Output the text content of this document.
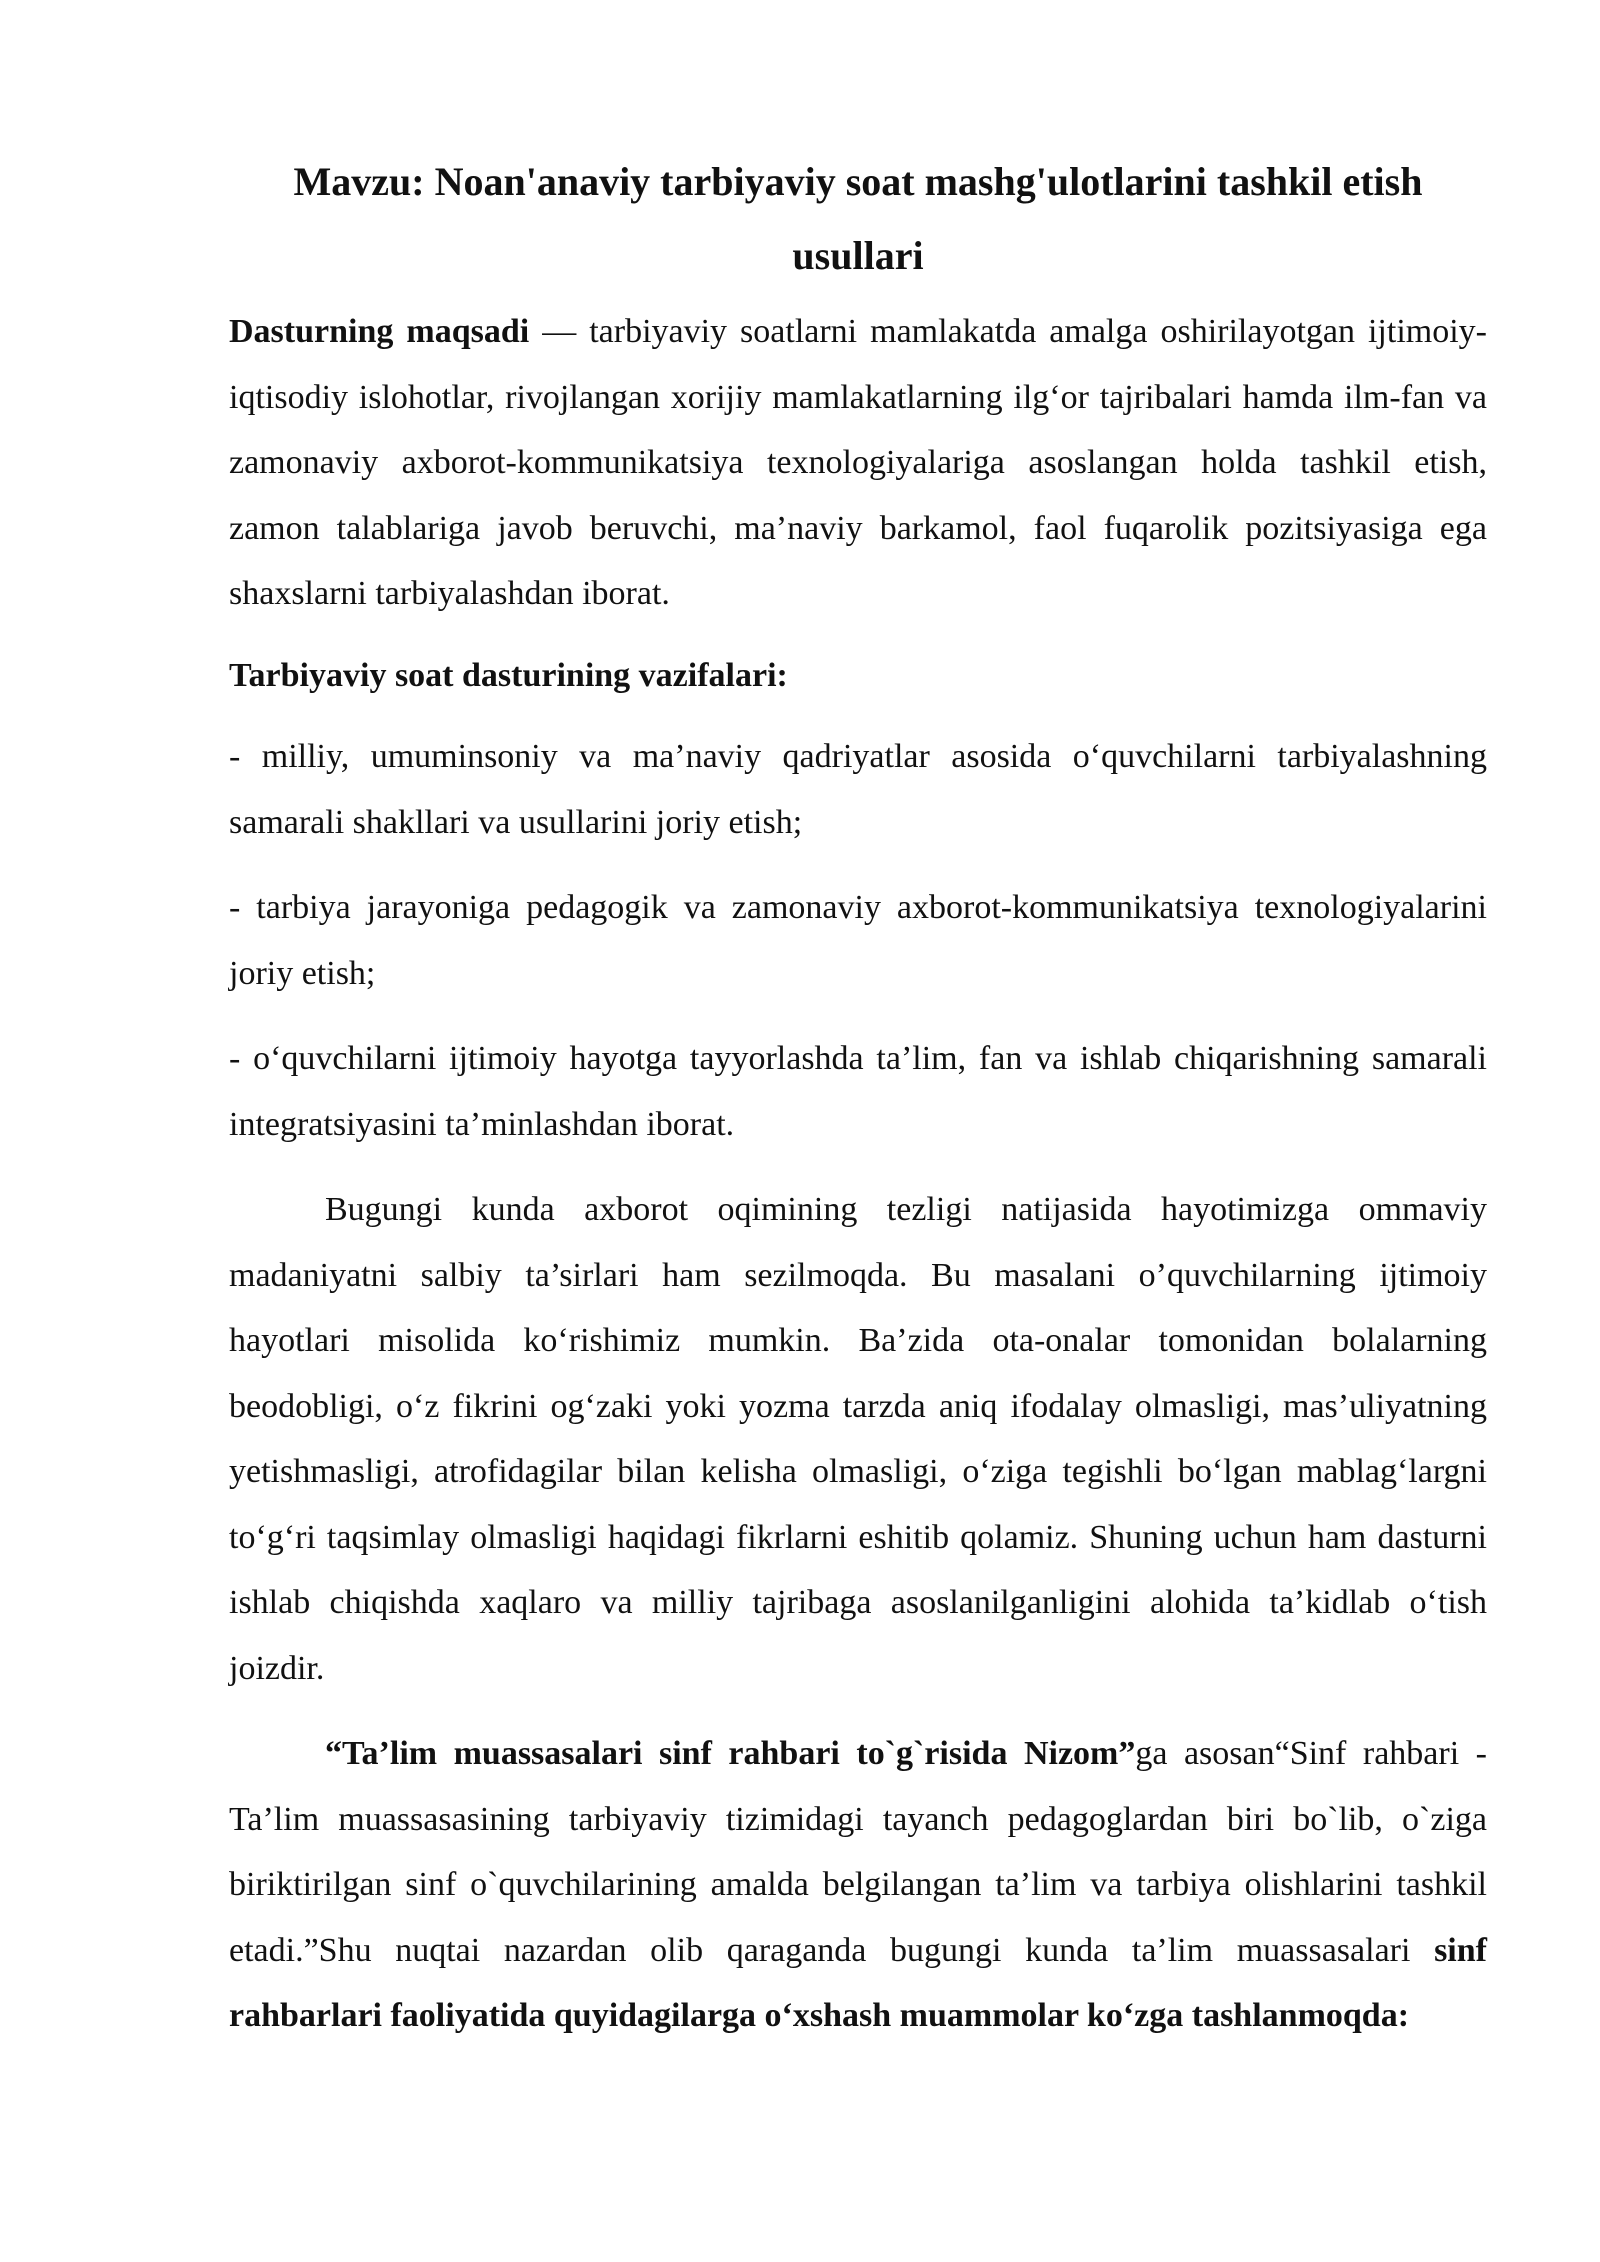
Mavzu: Noan'anaviy tarbiyaviy soat mashg'ulotlarini tashkil etish
usullari

Dasturning maqsadi — tarbiyaviy soatlarni mamlakatda amalga oshirilayotgan ijtimoiy-iqtisodiy islohotlar, rivojlangan xorijiy mamlakatlarning ilg‘or tajribalari hamda ilm-fan va zamonaviy axborot-kommunikatsiya texnologiyalariga asoslangan holda tashkil etish, zamon talablariga javob beruvchi, ma’naviy barkamol, faol fuqarolik pozitsiyasiga ega shaxslarni tarbiyalashdan iborat.

Tarbiyaviy soat dasturining vazifalari:

- milliy, umuminsoniy va ma’naviy qadriyatlar asosida o‘quvchilarni tarbiyalashning samarali shakllari va usullarini joriy etish;

- tarbiya jarayoniga pedagogik va zamonaviy axborot-kommunikatsiya texnologiyalarini joriy etish;

- o‘quvchilarni ijtimoiy hayotga tayyorlashda ta’lim, fan va ishlab chiqarishning samarali integratsiyasini ta’minlashdan iborat.

Bugungi kunda axborot oqimining tezligi natijasida hayotimizga ommaviy madaniyatni salbiy ta’sirlari ham sezilmoqda. Bu masalani o’quvchilarning ijtimoiy hayotlari misolida ko‘rishimiz mumkin. Ba’zida ota-onalar tomonidan bolalarning beodobligi, o‘z fikrini og‘zaki yoki yozma tarzda aniq ifodalay olmasligi, mas’uliyatning yetishmasligi, atrofidagilar bilan kelisha olmasligi, o‘ziga tegishli bo‘lgan mablag‘largni to‘g‘ri taqsimlay olmasligi haqidagi fikrlarni eshitib qolamiz. Shuning uchun ham dasturni ishlab chiqishda xaqlaro va milliy tajribaga asoslanilganligini alohida ta’kidlab o‘tish joizdir.

“Ta’lim muassasalari sinf rahbari to`g`risida Nizom”ga asosan“Sinf rahbari - Ta’lim muassasasining tarbiyaviy tizimidagi tayanch pedagoglardan biri bo`lib, o`ziga biriktirilgan sinf o`quvchilarining amalda belgilangan ta’lim va tarbiya olishlarini tashkil etadi.”Shu nuqtai nazardan olib qaraganda bugungi kunda ta’lim muassasalari sinf rahbarlari faoliyatida quyidagilarga o‘xshash muammolar ko‘zga tashlanmoqda:
